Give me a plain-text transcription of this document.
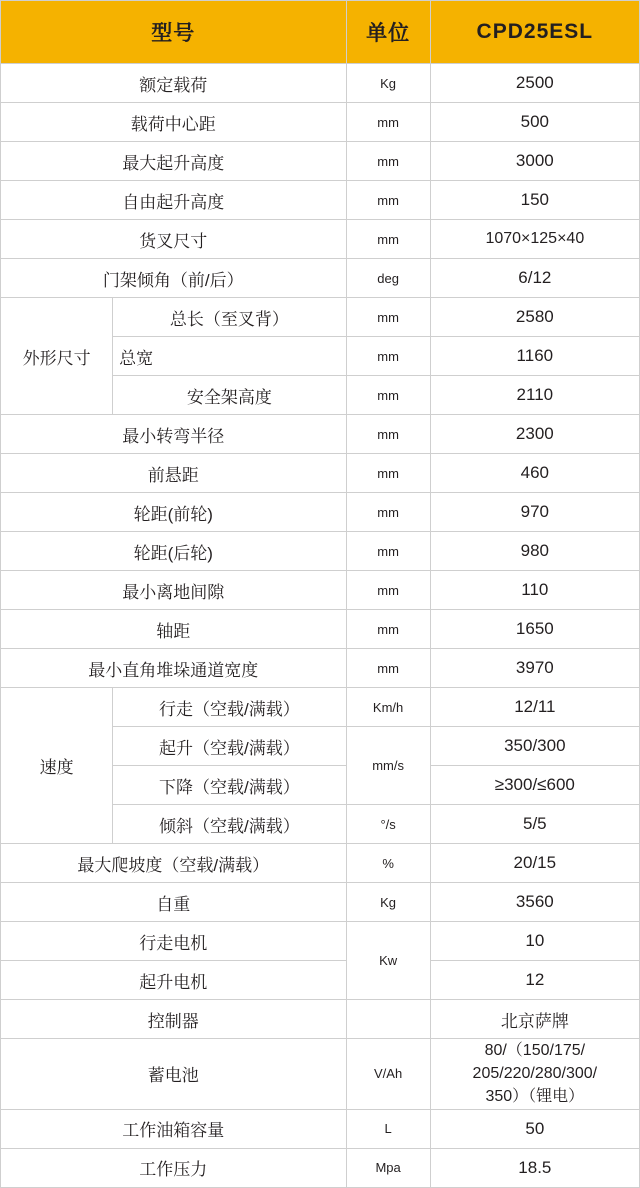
型号		单位	CPD25ESL
额定载荷		Kg	2500
载荷中心距		mm	500
最大起升高度		mm	3000
自由起升高度		mm	150
货叉尺寸		mm	1070×125×40
门架倾角（前/后）		deg	6/12
外形尺寸	总长（至叉背）	mm	2580
	总宽	mm	1160
	安全架高度	mm	2110
最小转弯半径		mm	2300
前悬距		mm	460
轮距(前轮)		mm	970
轮距(后轮)		mm	980
最小离地间隙		mm	110
轴距		mm	1650
最小直角堆垛通道宽度		mm	3970
速度	行走（空载/满载）	Km/h	12/11
	起升（空载/满载）	mm/s	350/300
	下降（空载/满载）		≥300/≤600
	倾斜（空载/满载）	°/s	5/5
最大爬坡度（空载/满载）		%	20/15
自重		Kg	3560
行走电机		Kw	10
起升电机			12
控制器			北京萨牌
蓄电池		V/Ah	80/（150/175/
205/220/280/300/
350）（锂电）

工作油箱容量		L	50
工作压力		Mpa	18.5
